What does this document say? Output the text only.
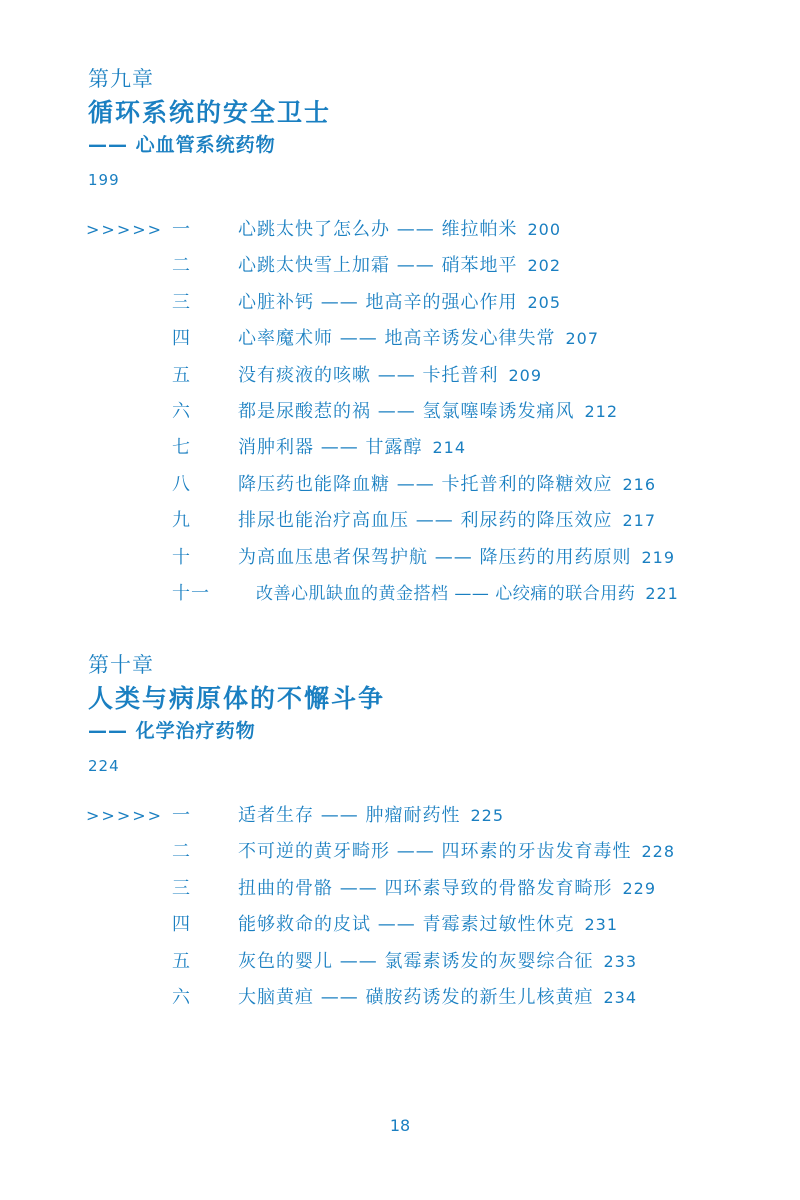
第九章
循环系统的安全卫士
—— 心血管系统药物
199
>>>>> 一	心跳太快了怎么办 —— 维拉帕米 200
二	心跳太快雪上加霜 —— 硝苯地平 202
三	心脏补钙 —— 地高辛的强心作用 205
四	心率魔术师 —— 地高辛诱发心律失常 207
五	没有痰液的咳嗽 —— 卡托普利 209
六	都是尿酸惹的祸 —— 氢氯噻嗪诱发痛风 212
七	消肿利器 —— 甘露醇 214
八	降压药也能降血糖 —— 卡托普利的降糖效应 216
九	排尿也能治疗高血压 —— 利尿药的降压效应 217
十	为高血压患者保驾护航 —— 降压药的用药原则 219
十一	改善心肌缺血的黄金搭档 —— 心绞痛的联合用药 221
第十章
人类与病原体的不懈斗争
—— 化学治疗药物
224
>>>>> 一	适者生存 —— 肿瘤耐药性 225
二	不可逆的黄牙畸形 —— 四环素的牙齿发育毒性 228
三	扭曲的骨骼 —— 四环素导致的骨骼发育畸形 229
四	能够救命的皮试 —— 青霉素过敏性休克 231
五	灰色的婴儿 —— 氯霉素诱发的灰婴综合征 233
六	大脑黄疸 —— 磺胺药诱发的新生儿核黄疸 234
18
